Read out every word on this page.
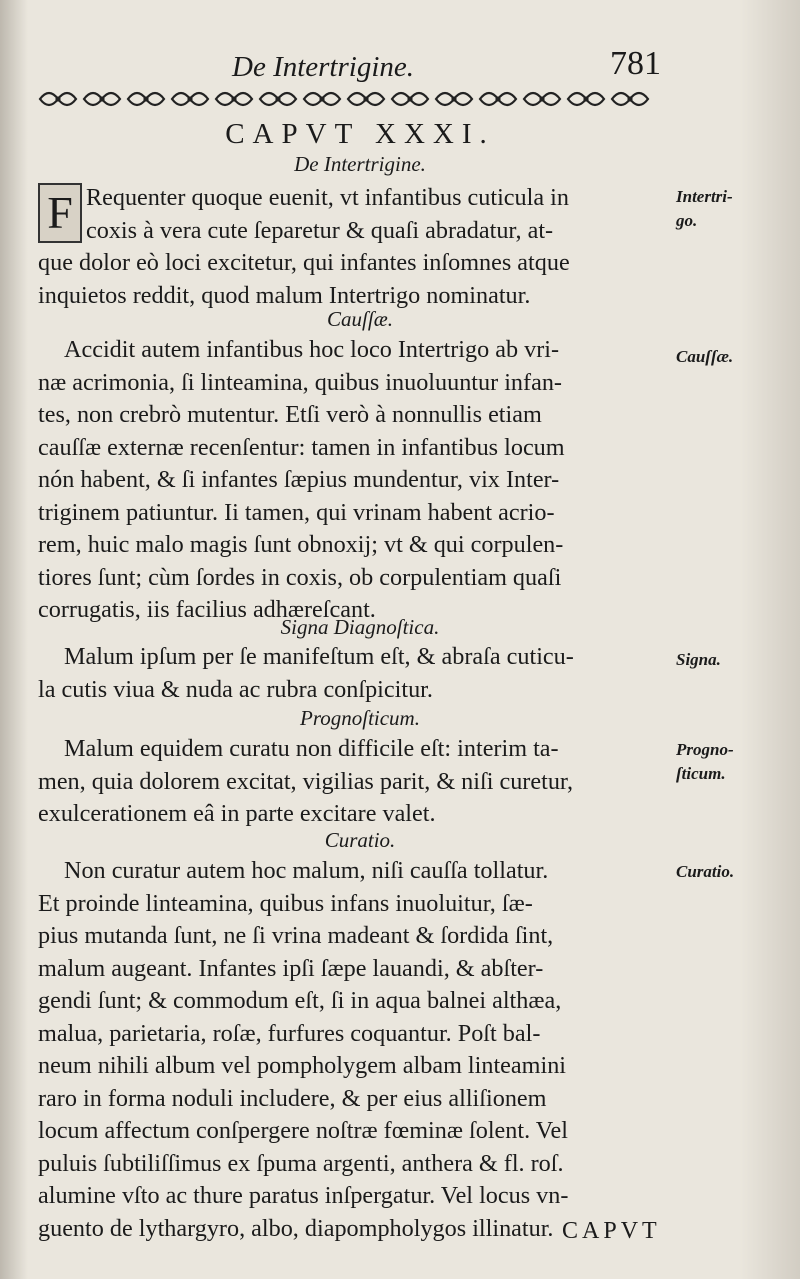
De Intertrigine.	781
CAPVT XXXI.
De Intertrigine.
F Requenter quoque euenit, vt infantibus cuticula in
coxis à vera cute ſeparetur & quaſi abradatur, at-
que dolor eò loci excitetur, qui infantes inſomnes atque
inquietos reddit, quod malum Intertrigo nominatur.
Cauſſæ.
Accidit autem infantibus hoc loco Intertrigo ab vri-
næ acrimonia, ſi linteamina, quibus inuoluuntur infan-
tes, non crebrò mutentur. Etſi verò à nonnullis etiam
cauſſæ externæ recenſentur: tamen in infantibus locum
nón habent, & ſi infantes ſæpius mundentur, vix Inter-
triginem patiuntur. Ii tamen, qui vrinam habent acrio-
rem, huic malo magis ſunt obnoxij; vt & qui corpulen-
tiores ſunt; cùm ſordes in coxis, ob corpulentiam quaſi
corrugatis, iis facilius adhæreſcant.
Signa Diagnoſtica.
Malum ipſum per ſe manifeſtum eſt, & abraſa cuticu-
la cutis viua & nuda ac rubra conſpicitur.
Prognoſticum.
Malum equidem curatu non difficile eſt: interim ta-
men, quia dolorem excitat, vigilias parit, & niſi curetur,
exulcerationem eâ in parte excitare valet.
Curatio.
Non curatur autem hoc malum, niſi cauſſa tollatur.
Et proinde linteamina, quibus infans inuoluitur, ſæ-
pius mutanda ſunt, ne ſi vrina madeant & ſordida ſint,
malum augeant. Infantes ipſi ſæpe lauandi, & abſter-
gendi ſunt; & commodum eſt, ſi in aqua balnei althæa,
malua, parietaria, roſæ, furfures coquantur. Poſt bal-
neum nihili album vel pompholygem albam linteamini
raro in forma noduli includere, & per eius alliſionem
locum affectum conſpergere noſtræ fœminæ ſolent. Vel
puluis ſubtiliſſimus ex ſpuma argenti, anthera & fl. roſ.
alumine vſto ac thure paratus inſpergatur. Vel locus vn-
guento de lythargyro, albo, diapompholygos illinatur.
Intertri-
go.
Cauſſæ.
Signa.
Progno-
ſticum.
Curatio.
CAPVT
